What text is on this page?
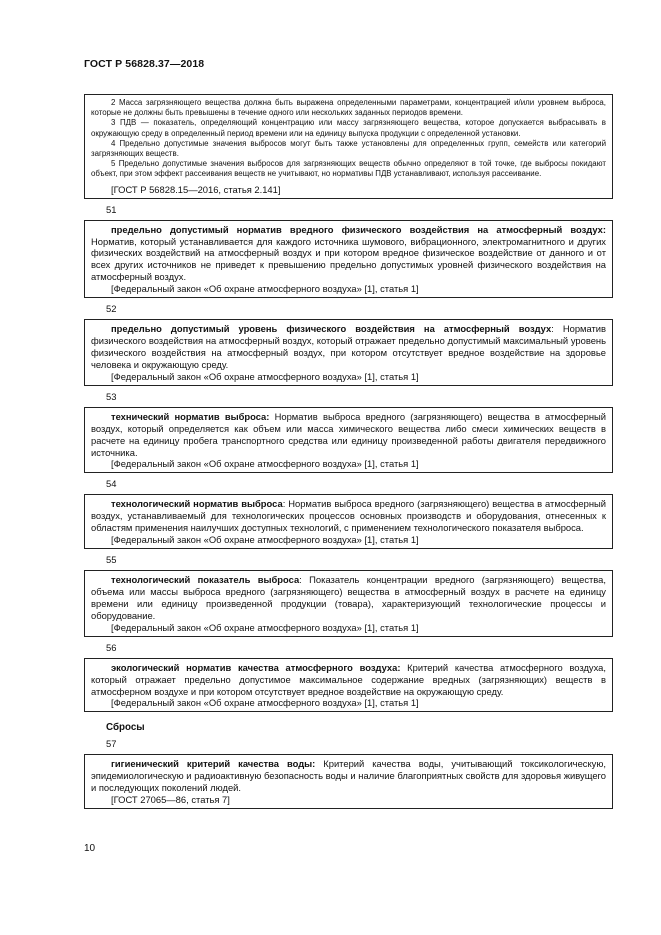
ГОСТ Р 56828.37—2018

2 Масса загрязняющего вещества должна быть выражена определенными параметрами, концентрацией и/или уровнем выброса, которые не должны быть превышены в течение одного или нескольких заданных периодов времени.

3 ПДВ — показатель, определяющий концентрацию или массу загрязняющего вещества, которое допускается выбрасывать в окружающую среду в определенный период времени или на единицу выпуска продукции с определенной установки.

4 Предельно допустимые значения выбросов могут быть также установлены для определенных групп, семейств или категорий загрязняющих веществ.

5 Предельно допустимые значения выбросов для загрязняющих веществ обычно определяют в той точке, где выбросы покидают объект, при этом эффект рассеивания веществ не учитывают, но нормативы ПДВ устанавливают, используя рассеивание.

[ГОСТ Р 56828.15—2016, статья 2.141]
51

предельно допустимый норматив вредного физического воздействия на атмосферный воздух: Норматив, который устанавливается для каждого источника шумового, вибрационного, электромагнитного и других физических воздействий на атмосферный воздух и при котором вредное физическое воздействие от данного и от всех других источников не приведет к превышению предельно допустимых уровней физического воздействия на атмосферный воздух.

[Федеральный закон «Об охране атмосферного воздуха» [1], статья 1]
52

предельно допустимый уровень физического воздействия на атмосферный воздух: Норматив физического воздействия на атмосферный воздух, который отражает предельно допустимый максимальный уровень физического воздействия на атмосферный воздух, при котором отсутствует вредное воздействие на здоровье человека и окружающую среду.

[Федеральный закон «Об охране атмосферного воздуха» [1], статья 1]
53

технический норматив выброса: Норматив выброса вредного (загрязняющего) вещества в атмосферный воздух, который определяется как объем или масса химического вещества либо смеси химических веществ в расчете на единицу пробега транспортного средства или единицу произведенной работы двигателя передвижного источника.

[Федеральный закон «Об охране атмосферного воздуха» [1], статья 1]
54

технологический норматив выброса: Норматив выброса вредного (загрязняющего) вещества в атмосферный воздух, устанавливаемый для технологических процессов основных производств и оборудования, отнесенных к областям применения наилучших доступных технологий, с применением технологического показателя выброса.

[Федеральный закон «Об охране атмосферного воздуха» [1], статья 1]
55

технологический показатель выброса: Показатель концентрации вредного (загрязняющего) вещества, объема или массы выброса вредного (загрязняющего) вещества в атмосферный воздух в расчете на единицу времени или единицу произведенной продукции (товара), характеризующий технологические процессы и оборудование.

[Федеральный закон «Об охране атмосферного воздуха» [1], статья 1]
56

экологический норматив качества атмосферного воздуха: Критерий качества атмосферного воздуха, который отражает предельно допустимое максимальное содержание вредных (загрязняющих) веществ в атмосферном воздухе и при котором отсутствует вредное воздействие на окружающую среду.

[Федеральный закон «Об охране атмосферного воздуха» [1], статья 1]
Сбросы
57

гигиенический критерий качества воды: Критерий качества воды, учитывающий токсикологическую, эпидемиологическую и радиоактивную безопасность воды и наличие благоприятных свойств для здоровья живущего и последующих поколений людей.

[ГОСТ 27065—86, статья 7]
10
